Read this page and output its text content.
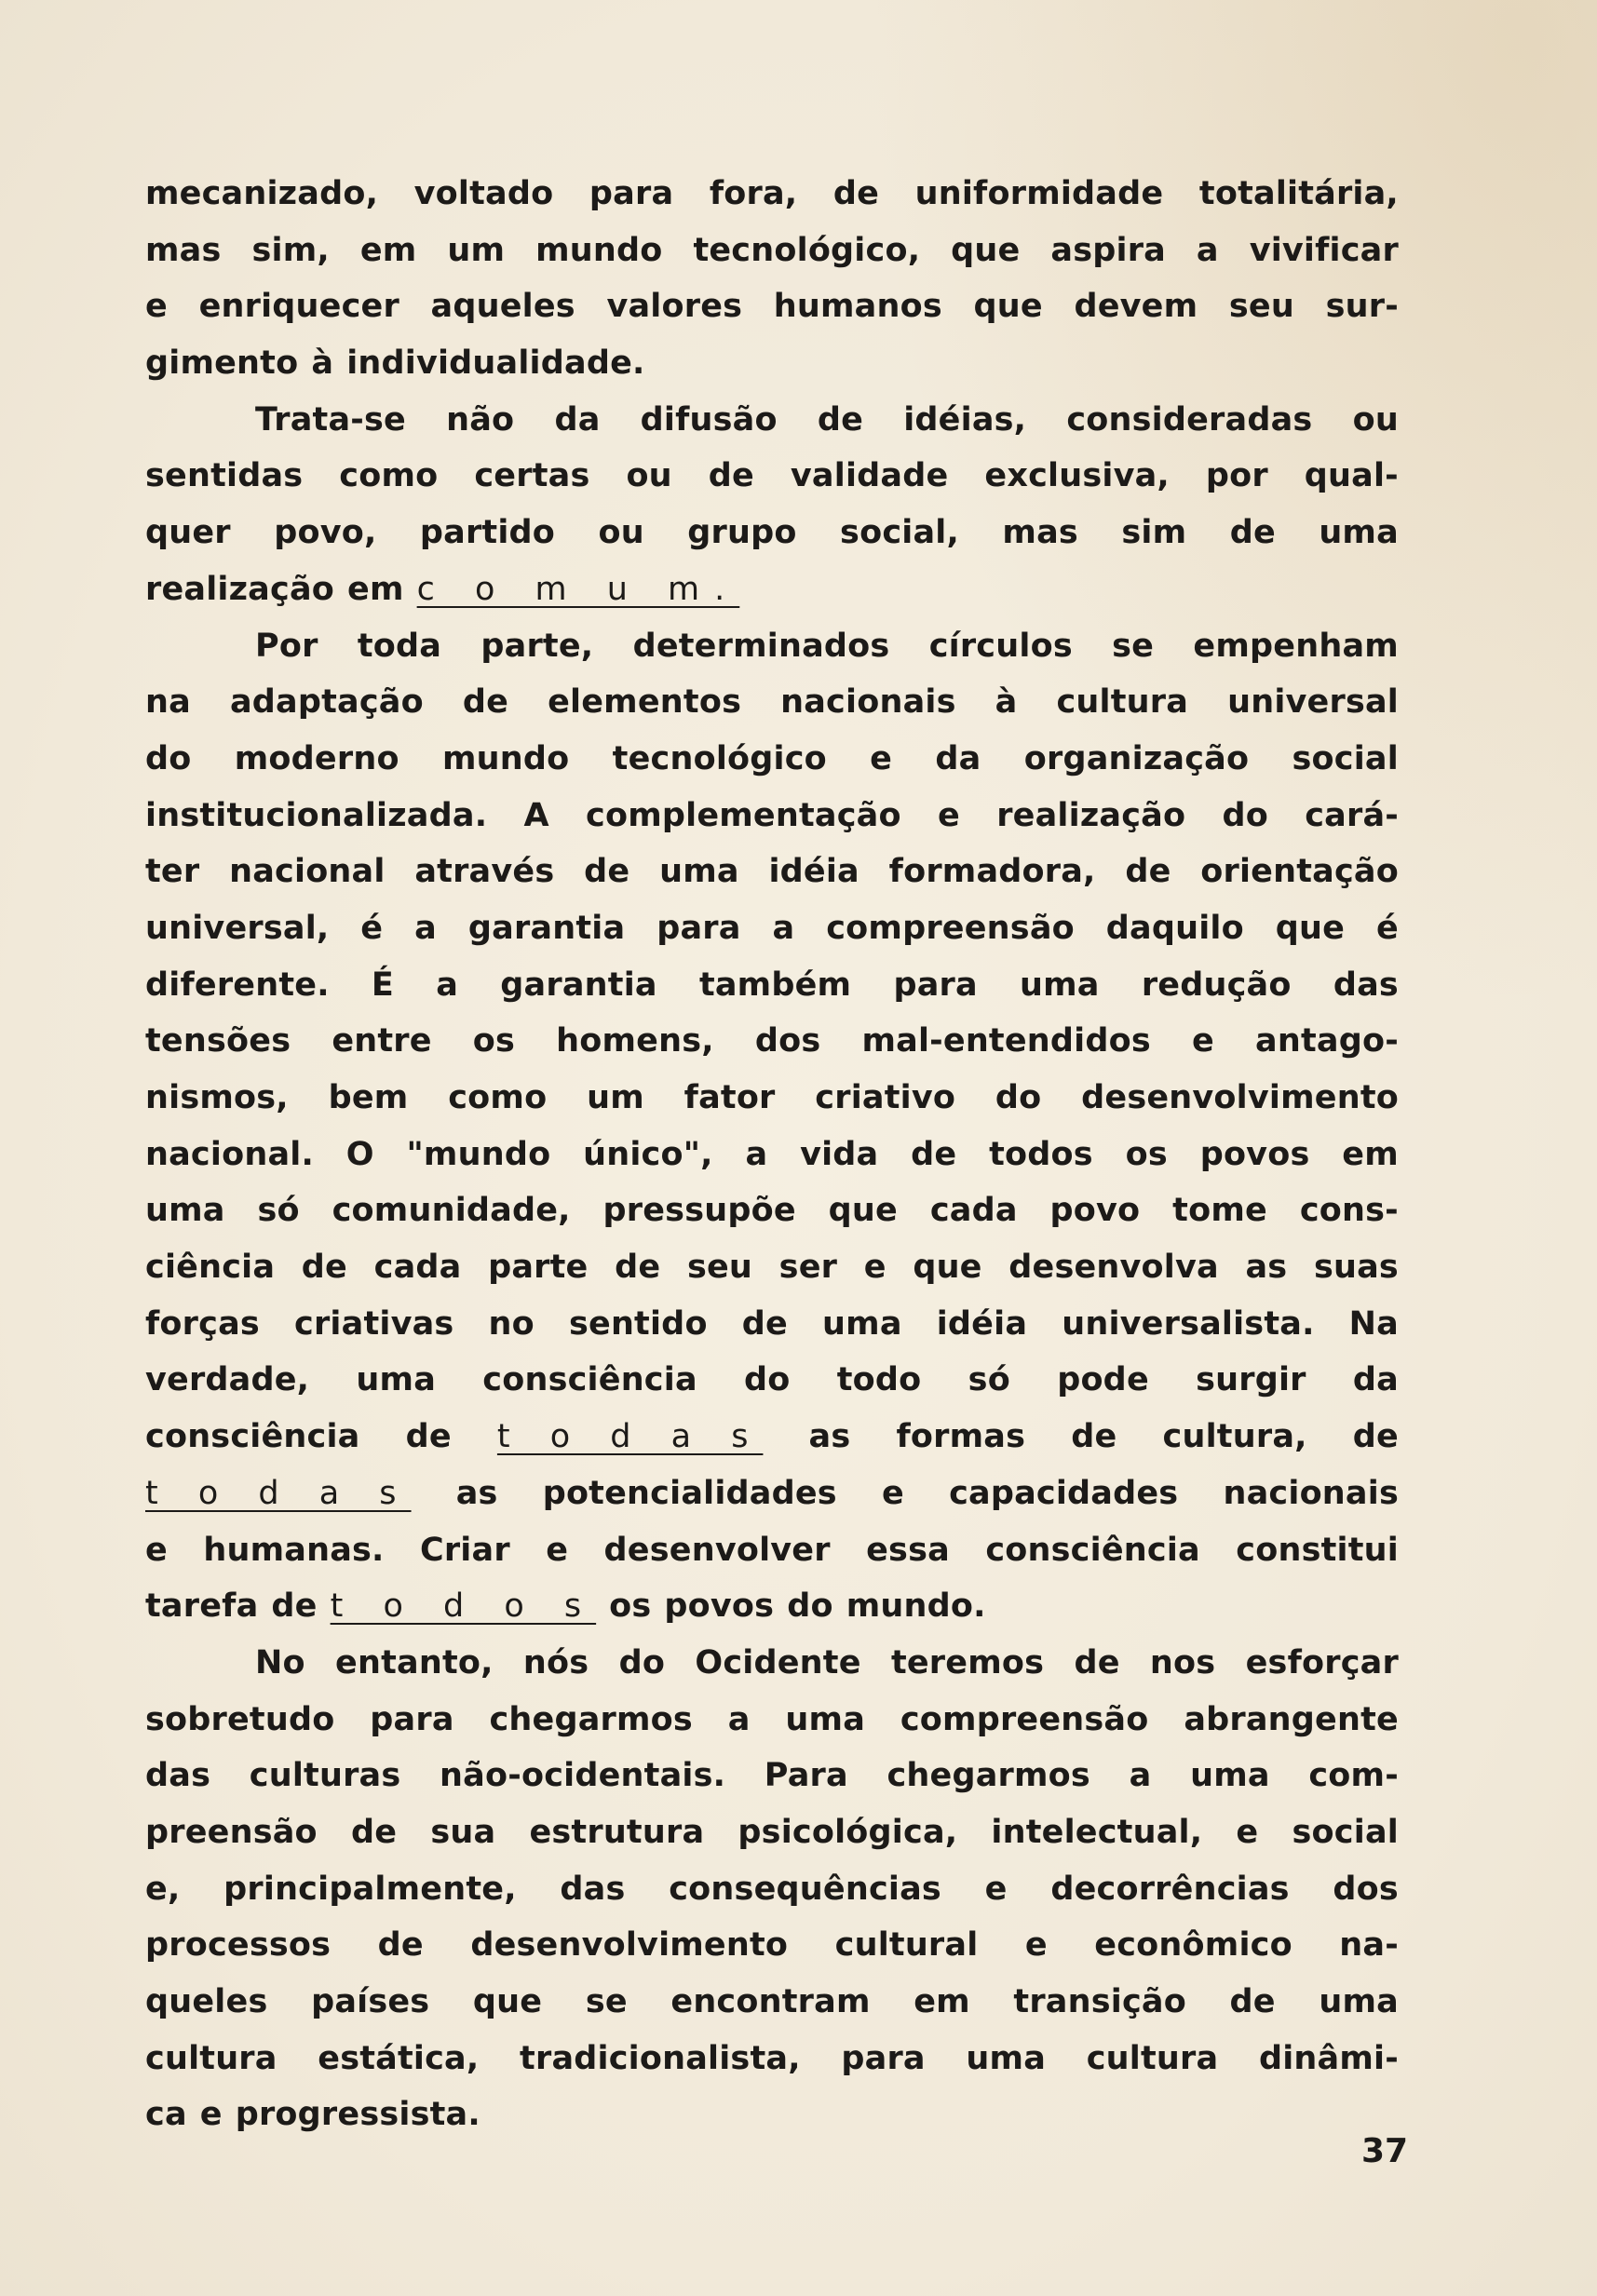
mecanizado, voltado para fora, de uniformidade totalitária,
mas sim, em um mundo tecnológico, que aspira a vivificar
e enriquecer aqueles valores humanos que devem seu sur-
gimento à individualidade.
Trata-se não da difusão de idéias, consideradas ou
sentidas como certas ou de validade exclusiva, por qual-
quer povo, partido ou grupo social, mas sim de uma
realização em c o m u m.
Por toda parte, determinados círculos se empenham
na adaptação de elementos nacionais à cultura universal
do moderno mundo tecnológico e da organização social
institucionalizada. A complementação e realização do cará-
ter nacional através de uma idéia formadora, de orientação
universal, é a garantia para a compreensão daquilo que é
diferente. É a garantia também para uma redução das
tensões entre os homens, dos mal-entendidos e antago-
nismos, bem como um fator criativo do desenvolvimento
nacional. O "mundo único", a vida de todos os povos em
uma só comunidade, pressupõe que cada povo tome cons-
ciência de cada parte de seu ser e que desenvolva as suas
forças criativas no sentido de uma idéia universalista. Na
verdade, uma consciência do todo só pode surgir da
consciência de t o d a s as formas de cultura, de
t o d a s as potencialidades e capacidades nacionais
e humanas. Criar e desenvolver essa consciência constitui
tarefa de t o d o s os povos do mundo.
No entanto, nós do Ocidente teremos de nos esforçar
sobretudo para chegarmos a uma compreensão abrangente
das culturas não-ocidentais. Para chegarmos a uma com-
preensão de sua estrutura psicológica, intelectual, e social
e, principalmente, das consequências e decorrências dos
processos de desenvolvimento cultural e econômico na-
queles países que se encontram em transição de uma
cultura estática, tradicionalista, para uma cultura dinâmi-
ca e progressista.
37
